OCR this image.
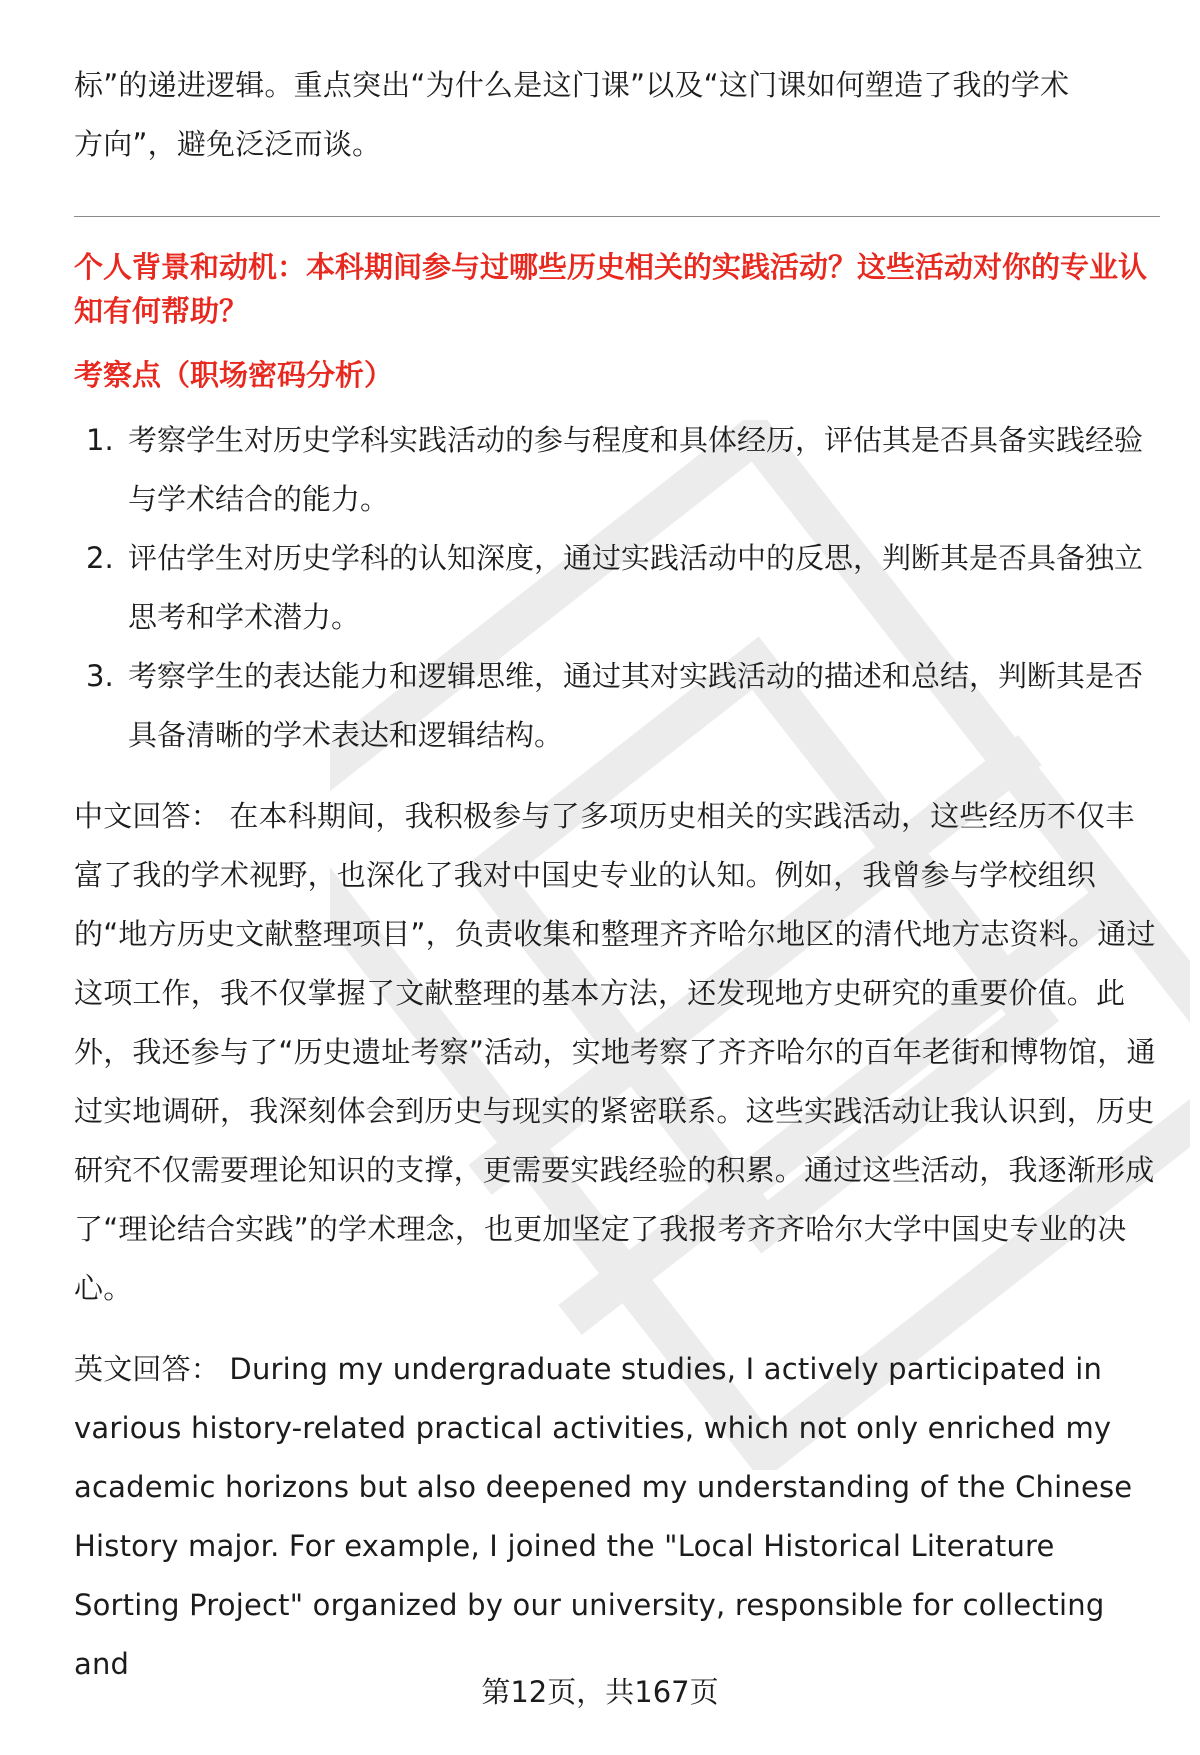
标”的递进逻辑。重点突出“为什么是这门课”以及“这门课如何塑造了我的学术

方向”，避免泛泛而谈。

个人背景和动机：本科期间参与过哪些历史相关的实践活动？这些活动对你的专业认知有何帮助？

考察点（职场密码分析）

1. 考察学生对历史学科实践活动的参与程度和具体经历，评估其是否具备实践经验与学术结合的能力。
2. 评估学生对历史学科的认知深度，通过实践活动中的反思，判断其是否具备独立思考和学术潜力。
3. 考察学生的表达能力和逻辑思维，通过其对实践活动的描述和总结，判断其是否具备清晰的学术表达和逻辑结构。

中文回答： 在本科期间，我积极参与了多项历史相关的实践活动，这些经历不仅丰富了我的学术视野，也深化了我对中国史专业的认知。例如，我曾参与学校组织的“地方历史文献整理项目”，负责收集和整理齐齐哈尔地区的清代地方志资料。通过这项工作，我不仅掌握了文献整理的基本方法，还发现地方史研究的重要价值。此外，我还参与了“历史遗址考察”活动，实地考察了齐齐哈尔的百年老街和博物馆，通过实地调研，我深刻体会到历史与现实的紧密联系。这些实践活动让我认识到，历史研究不仅需要理论知识的支撑，更需要实践经验的积累。通过这些活动，我逐渐形成了“理论结合实践”的学术理念，也更加坚定了我报考齐齐哈尔大学中国史专业的决心。

英文回答： During my undergraduate studies, I actively participated in various history-related practical activities, which not only enriched my academic horizons but also deepened my understanding of the Chinese History major. For example, I joined the "Local Historical Literature Sorting Project" organized by our university, responsible for collecting and

第12页，共167页
